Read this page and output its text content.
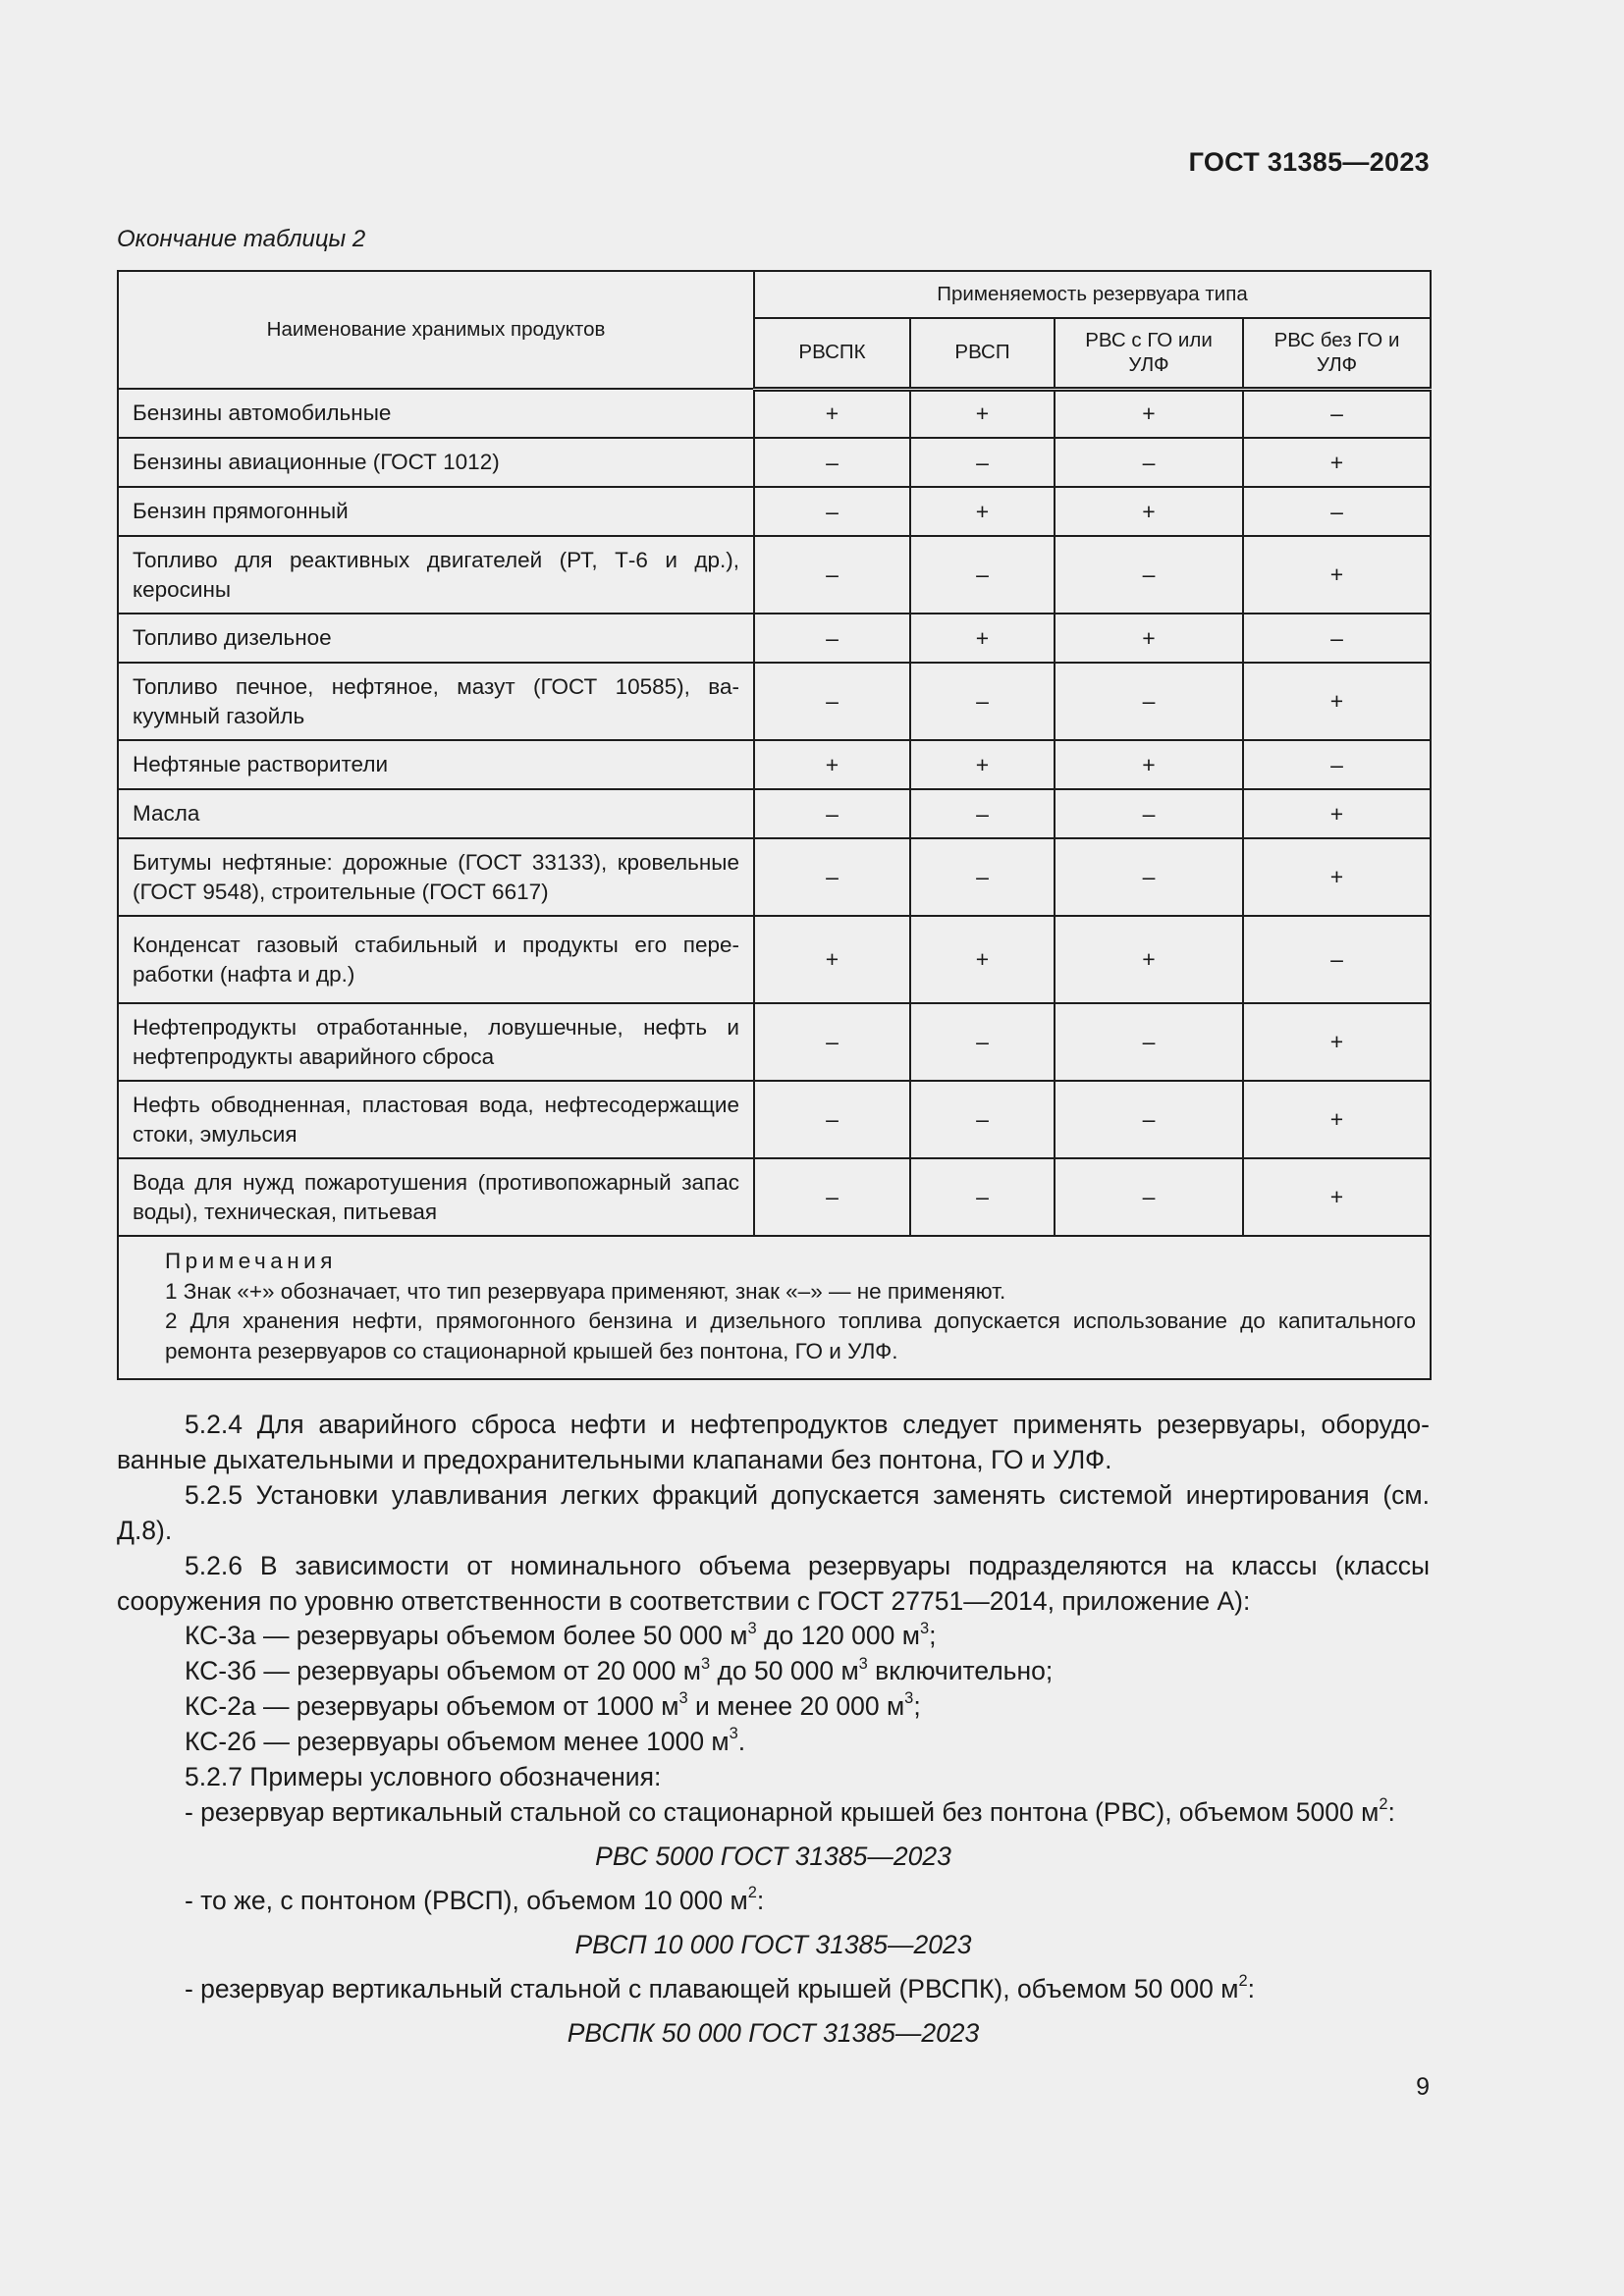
ГОСТ 31385—2023
Окончание таблицы 2
Наименование хранимых продуктов	Применяемость резервуара типа			
	РВСПК	РВСП	РВС с ГО или УЛФ	РВС без ГО и УЛФ
Бензины автомобильные	+	+	+	–
Бензины авиационные (ГОСТ 1012)	–	–	–	+
Бензин прямогонный	–	+	+	–
Топливо для реактивных двигателей (РТ, Т-6 и др.), керосины	–	–	–	+
Топливо дизельное	–	+	+	–
Топливо печное, нефтяное, мазут (ГОСТ 10585), вакуумный газойль	–	–	–	+
Нефтяные растворители	+	+	+	–
Масла	–	–	–	+
Битумы нефтяные: дорожные (ГОСТ 33133), кровельные (ГОСТ 9548), строительные (ГОСТ 6617)	–	–	–	+
Конденсат газовый стабильный и продукты его переработки (нафта и др.)	+	+	+	–
Нефтепродукты отработанные, ловушечные, нефть и нефтепродукты аварийного сброса	–	–	–	+
Нефть обводненная, пластовая вода, нефтесодержащие стоки, эмульсия	–	–	–	+
Вода для нужд пожаротушения (противопожарный запас воды), техническая, питьевая	–	–	–	+

Примечания
1 Знак «+» обозначает, что тип резервуара применяют, знак «–» — не применяют.
2 Для хранения нефти, прямогонного бензина и дизельного топлива допускается использование до капитального ремонта резервуаров со стационарной крышей без понтона, ГО и УЛФ.				

5.2.4 Для аварийного сброса нефти и нефтепродуктов следует применять резервуары, оборудованные дыхательными и предохранительными клапанами без понтона, ГО и УЛФ.

5.2.5 Установки улавливания легких фракций допускается заменять системой инертирования (см. Д.8).

5.2.6 В зависимости от номинального объема резервуары подразделяются на классы (классы сооружения по уровню ответственности в соответствии с ГОСТ 27751—2014, приложение А):

КС-3а — резервуары объемом более 50 000 $м^3$ до 120 000 $м^3$;

КС-3б — резервуары объемом от 20 000 $м^3$ до 50 000 $м^3$ включительно;

КС-2а — резервуары объемом от 1000 $м^3$ и менее 20 000 $м^3$;

КС-2б — резервуары объемом менее 1000 $м^3$.

5.2.7 Примеры условного обозначения:

- резервуар вертикальный стальной со стационарной крышей без понтона (РВС), объемом 5000 $м^2$:

РВС 5000 ГОСТ 31385—2023

- то же, с понтоном (РВСП), объемом 10 000 $м^2$:

РВСП 10 000 ГОСТ 31385—2023

- резервуар вертикальный стальной с плавающей крышей (РВСПК), объемом 50 000 $м^2$:

РВСПК 50 000 ГОСТ 31385—2023

9
